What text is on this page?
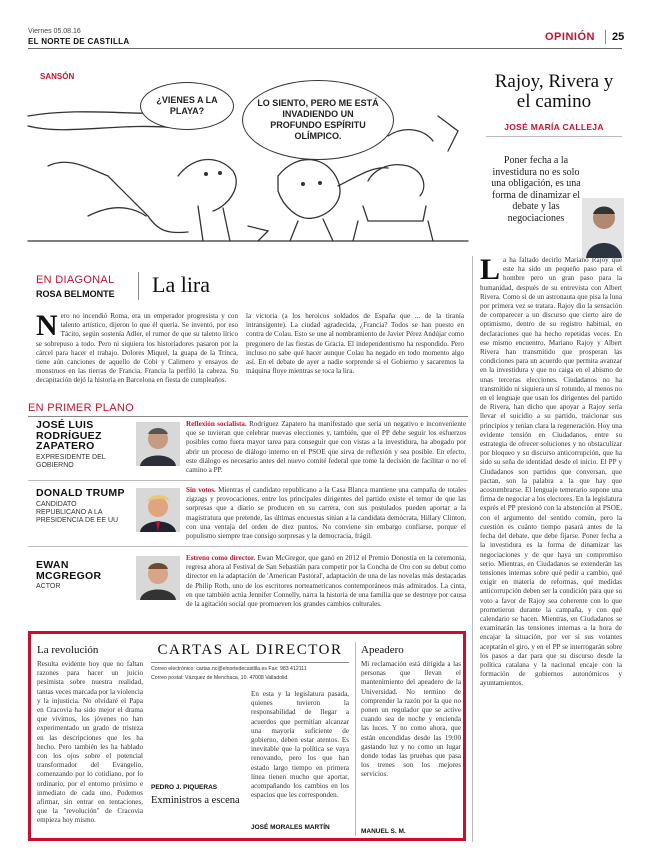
Viernes 05.08.16
EL NORTE DE CASTILLA	OPINIÓN 25
SANSÓN
¿VIENES A LA PLAYA?
LO SIENTO, PERO ME ESTÁ INVADIENDO UN PROFUNDO ESPÍRITU OLÍMPICO.
Rajoy, Rivera y el camino
JOSÉ MARÍA CALLEJA
Poner fecha a la investidura no es solo una obligación, es una forma de dinamizar el debate y las negociaciones

La ha faltado decirlo Mariano Rajoy que este ha sido un pequeño paso para el hombre pero un gran paso para la humanidad, después de su entrevista con Albert Rivera. Como si de un astronauta que pisa la luna por primera vez se tratara. Rajoy dio la sensación de comparecer a un discurso que cierto aire de optimismo, dentro de su registro habitual, en declaraciones que ha hecho repetidas veces. En ese mismo encuentro, Mariano Rajoy y Albert Rivera han transmitido que prosperan las condiciones para un acuerdo que permita avanzar en la investidura y que no caiga en el abismo de unas terceras elecciones. Ciudadanos no ha transmitido ni siquiera un sí rotundo, al menos no en el lenguaje que usan los dirigentes del partido de Rivera, han dicho que apoyar a Rajoy sería llevar el suicidio a su partido, traicionar sus principios y tenían clara la regeneración. Hoy una evidente tensión en Ciudadanos, entre su estrategia de ofrecer soluciones y no obstaculizar por bloqueo y su discurso anticorrupción, que ha sido su seña de identidad desde el inicio. El PP y Ciudadanos son partidos que conversan, que pactan, son la palabra a la que hay que acostumbrarse. El lenguaje temerario supone una firma de negociar a los electores. En la legislatura exprés el PP presionó con la abstención al PSOE, con el argumento del sentido común, pero la cuestión es cuánto tiempo pasará antes de la fecha del debate, que debe fijarse. Poner fecha a la investidura es la forma de dinamizar las negociaciones y de que haya un compromiso serio. Mientras, en Ciudadanos se extenderán las tensiones internas sobre qué pedir a cambio, qué exigir en materia de reformas, qué medidas anticorrupción deben ser la condición para que su voto a favor de Rajoy sea coherente con lo que prometieron durante la campaña, y con qué calendario se hacen. Mientras, en Ciudadanos se examinarán las tensiones internas a la hora de encajar la situación, por ver si sus votantes aceptarán el giro, y en el PP se interrogarán sobre los pasos a dar para que su discurso desde la política catalana y la nacional encaje con la formación de gobiernos autonómicos y ayuntamientos.

EN DIAGONAL
ROSA BELMONTE La lira

Nero no incendió Roma, era un emperador progresista y con talento artístico, dijeron lo que él quería. Se inventó, por eso Tácito, según sostenía Adler, el rumor de que su talento lírico se sobrepuso a todo. Pero ni siquiera los historiadores pasaron por la cárcel para hacer el trabajo. Dolores Miquel, la guapa de la Trinca, tiene aún canciones de aquello de Cobi y Calimero y ensayos de monstruos en las tierras de Francia. Francia la perfiló la cabeza. Su decapitación dejó la historia en Barcelona en fiesta de cumpleaños.

la victoria (a los heroicos soldados de España que ... de la tiranía intransigente). La ciudad agradecida, ¿Francia? Todos se han puesto en contra de Colau. Esto se une al nombramiento de Javier Pérez Andújar como pregonero de las fiestas de Gracia. El independentismo ha respondido. Pero incluso no sabe qué hacer aunque Colau ha negado en todo momento algo así. En el debate de ayer a nadie sorprende si el Gobierno y sacaremos la máquina fluye mientras se toca la lira.

EN PRIMER PLANO
JOSÉ LUIS RODRÍGUEZ ZAPATERO
EXPRESIDENTE DEL GOBIERNO

Reflexión socialista. Rodríguez Zapatero ha manifestado que sería un negativo e inconveniente que se tuvieran que celebrar nuevas elecciones y, también, que el PP debe seguir los esfuerzos posibles como fuera mayor tarea para conseguir que con vistas a la investidura, ha abogado por abrir un proceso de diálogo interno en el PSOE que sirva de reflexión y sea posible. En efecto, este diálogo es necesario antes del nuevo comité federal que tome la decisión de facilitar o no el camino a PP.

DONALD TRUMP
CANDIDATO REPUBLICANO A LA PRESIDENCIA DE EE UU

Sin votos. Mientras el candidato republicano a la Casa Blanca mantiene una campaña de totales zigzags y provocaciones, entre los principales dirigentes del partido existe el temor de que las sorpresas que a diario se producen en su carrera, con sus postulados pueden aportar a la magistratura que pretende, las últimas encuestas sitúan a la candidata demócrata, Hillary Clinton, con una ventaja del orden de diez puntos. No conviene sin embargo confiarse, porque el populismo siempre trae consigo sorpresas y la democracia, frágil.

EWAN MCGREGOR
ACTOR

Estreno como director. Ewan McGregor, que ganó en 2012 el Premio Donostia en la ceremonia, regresa ahora al Festival de San Sebastián para competir por la Concha de Oro con su debut como director en la adaptación de 'American Pastoral', adaptación de una de las novelas más destacadas de Philip Roth, uno de los escritores norteamericanos contemporáneos más admirados. La cinta, en que también actúa Jennifer Connelly, narra la historia de una familia que se destruye por causa de la agitación social que promueven los grandes cambios culturales.

CARTAS AL DIRECTOR
Correo electrónico: cartas.nc@elnortedecastilla.es Fax: 983 412111
Correo postal: Vázquez de Menchaca, 10. 47008 Valladolid.
La revolución

Resulta evidente hoy que no faltan razones para hacer un juicio pesimista sobre nuestra realidad, tantas veces marcada por la violencia y la injusticia. No olvidaré el Papa en Cracovia ha sido mejor el drama que vivimos, los jóvenes no han experimentado un grado de tristeza en las descripciones que les ha hecho. Pero también les ha hablado con los ojos sobre el potencial transformador del Evangelio, comenzando por lo cotidiano, por lo ordinario, por el entorno próximo e inmediato de cada uno. Podemos afirmar, sin entrar en tentaciones, que la "revolución" de Cracovia empieza hoy mismo.

PEDRO J. PIQUERAS
Exministros a escena

En esta y la legislatura pasada, quienes tuvieron la responsabilidad de llegar a acuerdos que permitían alcanzar una mayoría suficiente de gobierno, deben estar atentos. Es inevitable que la política se vaya renovando, pero los que han estado largo tiempo en primera línea tienen mucho que aportar, acompañando los cambios en los espacios que les corresponden.

JOSÉ MORALES MARTÍN
Apeadero

Mi reclamación está dirigida a las personas que llevan el mantenimiento del apeadero de la Universidad. No termino de comprender la razón por la que no ponen un regulador que se active cuando sea de noche y encienda las luces. Y no como ahora, que están encendidas desde las 19:00 gastando luz y no como un lugar donde todas las pruebas que pasa los trenes son los mejores servicios.

MANUEL S. M.
